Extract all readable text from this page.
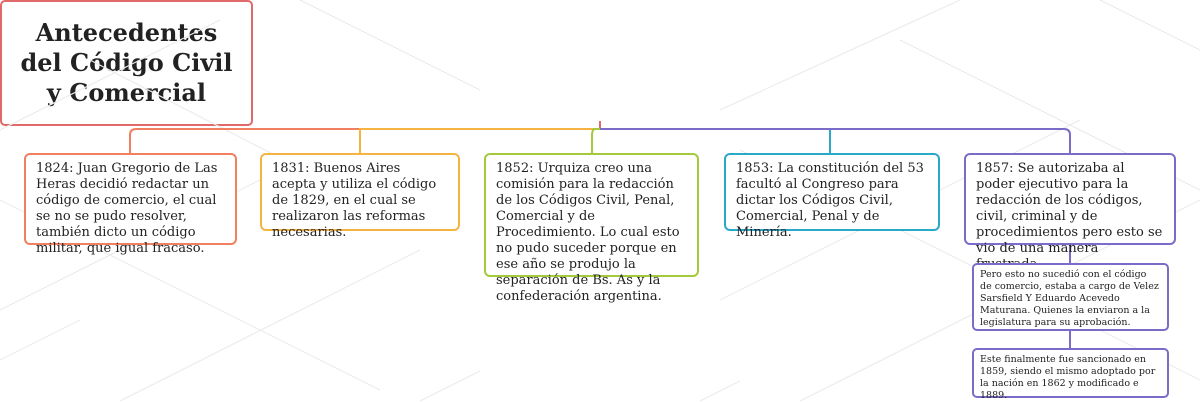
Antecedentes
del Código Civil
y Comercial
1824: Juan Gregorio de Las Heras decidió redactar un código de comercio, el cual se no se pudo resolver, también dicto un código militar, que igual fracaso.
1831: Buenos Aires acepta y utiliza el código de 1829, en el cual se realizaron las reformas necesarias.
1852: Urquiza creo una comisión para la redacción de los Códigos Civil, Penal, Comercial y de Procedimiento. Lo cual esto no pudo suceder porque en ese año se produjo la separación de Bs. As y la confederación argentina.
1853: La constitución del 53 facultó al Congreso para dictar los Códigos Civil, Comercial, Penal y de Minería.
1857: Se autorizaba al poder ejecutivo para la redacción de los códigos, civil, criminal y de procedimientos pero esto se vio de una manera
Pero esto no sucedió con el código de comercio, estaba a cargo de Velez Sarsfield Y Eduardo Acevedo Maturana. Quienes la enviaron a la legislatura para su aprobación.
Este finalmente fue sancionado en 1859, siendo el mismo adoptado por la nación en 1862 y modificado e 1889.
